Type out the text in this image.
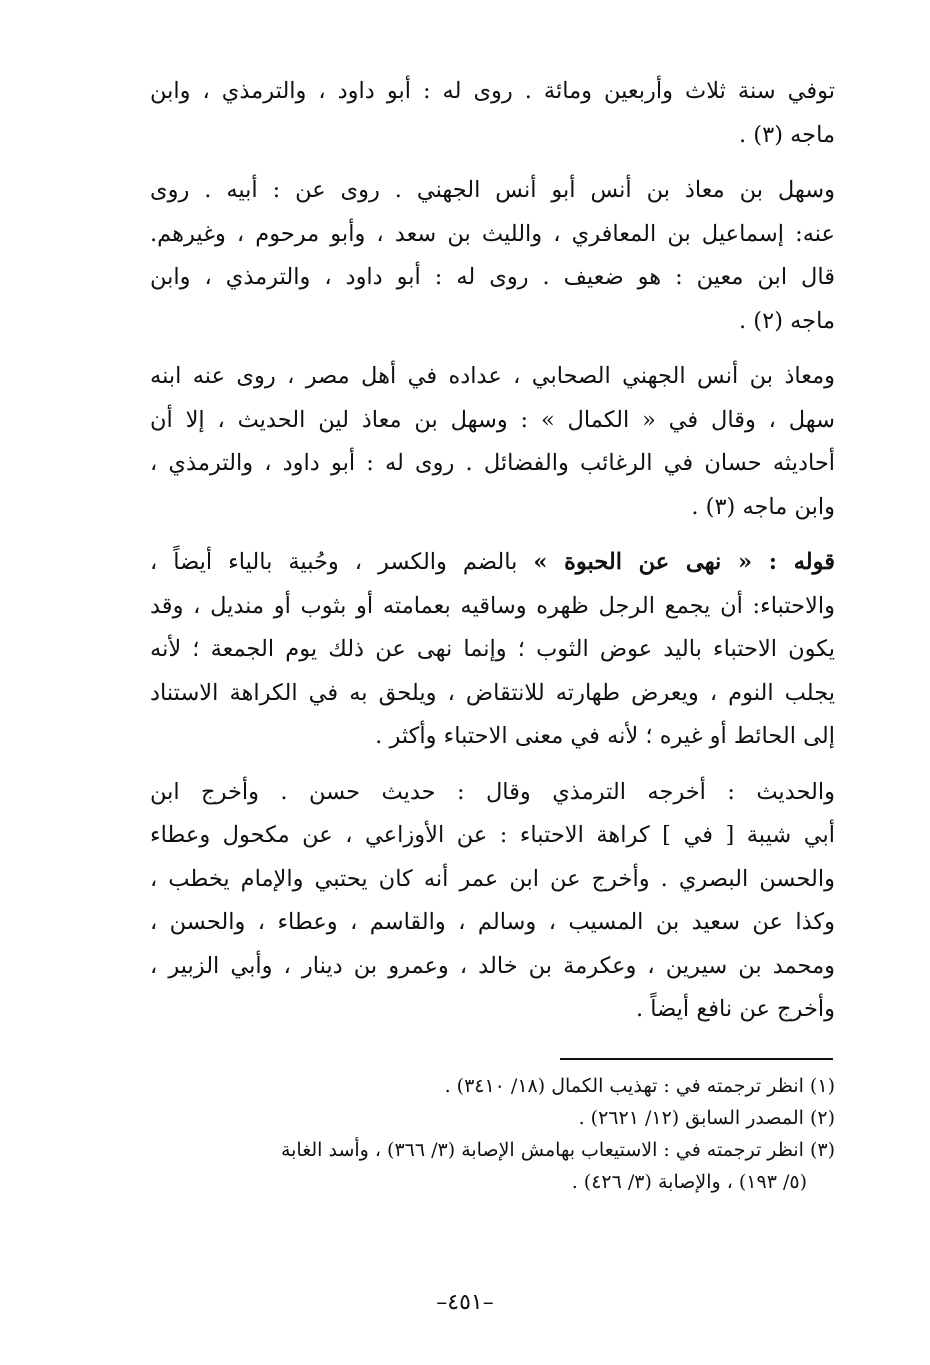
توفي سنة ثلاث وأربعين ومائة . روى له : أبو داود ، والترمذي ، وابن
ماجه (٣) .

وسهل بن معاذ بن أنس أبو أنس الجهني . روى عن : أبيه . روى
عنه: إسماعيل بن المعافري ، والليث بن سعد ، وأبو مرحوم ، وغيرهم.
قال ابن معين : هو ضعيف . روى له : أبو داود ، والترمذي ، وابن
ماجه (٢) .

ومعاذ بن أنس الجهني الصحابي ، عداده في أهل مصر ، روى عنه ابنه
سهل ، وقال في « الكمال » : وسهل بن معاذ لين الحديث ، إلا أن
أحاديثه حسان في الرغائب والفضائل . روى له : أبو داود ، والترمذي ،
وابن ماجه (٣) .

قوله : « نهى عن الحبوة » بالضم والكسر ، وحُبية بالياء أيضاً ،
والاحتباء: أن يجمع الرجل ظهره وساقيه بعمامته أو بثوب أو منديل ، وقد
يكون الاحتباء باليد عوض الثوب ؛ وإنما نهى عن ذلك يوم الجمعة ؛ لأنه
يجلب النوم ، ويعرض طهارته للانتقاض ، ويلحق به في الكراهة الاستناد
إلى الحائط أو غيره ؛ لأنه في معنى الاحتباء وأكثر .

والحديث : أخرجه الترمذي وقال : حديث حسن . وأخرج ابن
أبي شيبة [ في ] كراهة الاحتباء : عن الأوزاعي ، عن مكحول وعطاء
والحسن البصري . وأخرج عن ابن عمر أنه كان يحتبي والإمام يخطب ،
وكذا عن سعيد بن المسيب ، وسالم ، والقاسم ، وعطاء ، والحسن ،
ومحمد بن سيرين ، وعكرمة بن خالد ، وعمرو بن دينار ، وأبي الزبير ،
وأخرج عن نافع أيضاً .

(١) انظر ترجمته في : تهذيب الكمال (١٨/ ٣٤١٠) .
(٢) المصدر السابق (١٢/ ٢٦٢١) .
(٣) انظر ترجمته في : الاستيعاب بهامش الإصابة (٣/ ٣٦٦) ، وأسد الغابة
(٥/ ١٩٣) ، والإصابة (٣/ ٤٢٦) .
–٤٥١–
